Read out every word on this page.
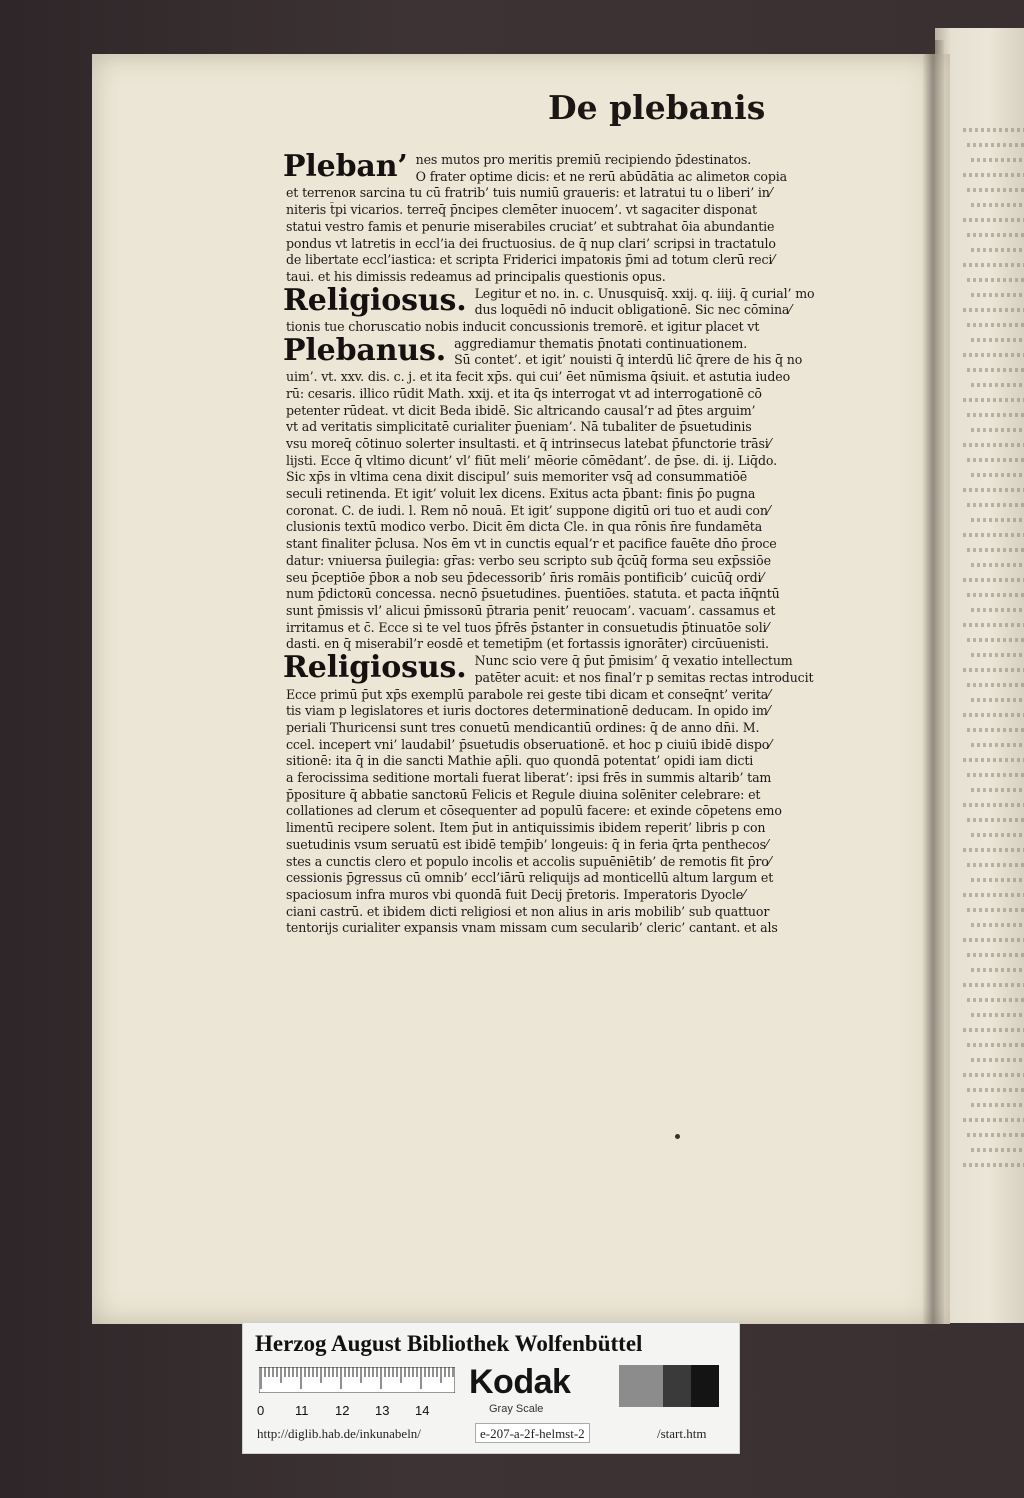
De plebanis
Pleban’ nes mutos pro meritis premiū recipiendo p̄destinatos.
O frater optime dicis: et ne rerū abūdātia ac alimetoʀ copia
et terrenoʀ sarcina tu cū fratrib’ tuis numiū graueris: et latratui tu o liberi’ in⁄
niteris t̄pi vicarios. terreq̄ p̄ncipes clemēter inuocem’. vt sagaciter disponat
statui vestro famis et penurie miserabiles cruciat’ et subtrahat ōia abundantie
pondus vt latretis in eccl’ia dei fructuosius. de q̄ nup clari’ scripsi in tractatulo
de libertate eccl’iastica: et scripta Friderici impatoʀis p̄mi ad totum clerū reci⁄
taui. et his dimissis redeamus ad principalis questionis opus.
Religiosus. Legitur et no. in. c. Unusquisq̄. xxij. q. iiij. q̄ curial’ mo
dus loquēdi nō inducit obligationē. Sic nec cōmina⁄
tionis tue choruscatio nobis inducit concussionis tremorē. et igitur placet vt
Plebanus. aggrediamur thematis p̄notati continuationem.
Sū contet’. et igit’ nouisti q̄ interdū lic̄ q̄rere de his q̄ no
uim’. vt. xxv. dis. c. j. et ita fecit xp̄s. qui cui’ ēet nūmisma q̄siuit. et astutia iudeo
rū: cesaris. illico rūdit Math. xxij. et ita q̄s interrogat vt ad interrogationē cō
petenter rūdeat. vt dicit Beda ibidē. Sic altricando causal’r ad p̄tes arguim’
vt ad veritatis simplicitatē curialiter p̄ueniam’. Nā tubaliter de p̄suetudinis
vsu moreq̄ cōtinuo solerter insultasti. et q̄ intrinsecus latebat p̄functorie trāsi⁄
lijsti. Ecce q̄ vltimo dicunt’ vl’ fiūt meli’ mēorie cōmēdant’. de p̄se. di. ij. Liq̄do.
Sic xp̄s in vltima cena dixit discipul’ suis memoriter vsq̄ ad consummatiōē
seculi retinenda. Et igit’ voluit lex dicens. Exitus acta p̄bant: finis p̄o pugna
coronat. C. de iudi. l. Rem nō nouā. Et igit’ suppone digitū ori tuo et audi con⁄
clusionis textū modico verbo. Dicit ēm dicta Cle. in qua rōnis n̄re fundamēta
stant finaliter p̄clusa. Nos ēm vt in cunctis equal’r et pacifice fauēte dn̄o p̄roce
datur: vniuersa p̄uilegia: gr̄as: verbo seu scripto sub q̄cūq̄ forma seu exp̄ssiōe
seu p̄ceptiōe p̄boʀ a nob seu p̄decessorib’ n̄ris romāis pontificib’ cuicūq̄ ordi⁄
num p̄dictoʀū concessa. necnō p̄suetudines. p̄uentiōes. statuta. et pacta in̄q̄ntū
sunt p̄missis vl’ alicui p̄missoʀū p̄traria penit’ reuocam’. vacuam’. cassamus et
irritamus et c̄. Ecce si te vel tuos p̄frēs p̄stanter in consuetudis p̄tinuatōe soli⁄
dasti. en q̄ miserabil’r eosdē et temetip̄m (et fortassis ignorāter) circūuenisti.
Religiosus. Nunc scio vere q̄ p̄ut p̄misim’ q̄ vexatio intellectum
patēter acuit: et nos final’r p semitas rectas introducit
Ecce primū p̄ut xp̄s exemplū parabole rei geste tibi dicam et conseq̄nt’ verita⁄
tis viam p legislatores et iuris doctores determinationē deducam. In opido im⁄
periali Thuricensi sunt tres conuetū mendicantiū ordines: q̄ de anno dn̄i. M.
ccel. incepert vni’ laudabil’ p̄suetudis obseruationē. et hoc p ciuiū ibidē dispo⁄
sitionē: ita q̄ in die sancti Mathie ap̄li. quo quondā potentat’ opidi iam dicti
a ferocissima seditione mortali fuerat liberat’: ipsi frēs in summis altarib’ tam
p̄positure q̄ abbatie sanctoʀū Felicis et Regule diuina solēniter celebrare: et
collationes ad clerum et cōsequenter ad populū facere: et exinde cōpetens emo
limentū recipere solent. Item p̄ut in antiquissimis ibidem reperit’ libris p con
suetudinis vsum seruatū est ibidē temp̄ib’ longeuis: q̄ in feria q̄rta penthecos⁄
stes a cunctis clero et populo incolis et accolis supuēniētib’ de remotis fit p̄ro⁄
cessionis p̄gressus cū omnib’ eccl’iārū reliquijs ad monticellū altum largum et
spaciosum infra muros vbi quondā fuit Decij p̄retoris. Imperatoris Dyocle⁄
ciani castrū. et ibidem dicti religiosi et non alius in aris mobilib’ sub quattuor
tentorijs curialiter expansis vnam missam cum secularib’ cleric’ cantant. et als
Herzog August Bibliothek Wolfenbüttel
0 11 12 13 14
Kodak
Gray Scale
http://diglib.hab.de/inkunabeln/	e-207-a-2f-helmst-2	/start.htm
